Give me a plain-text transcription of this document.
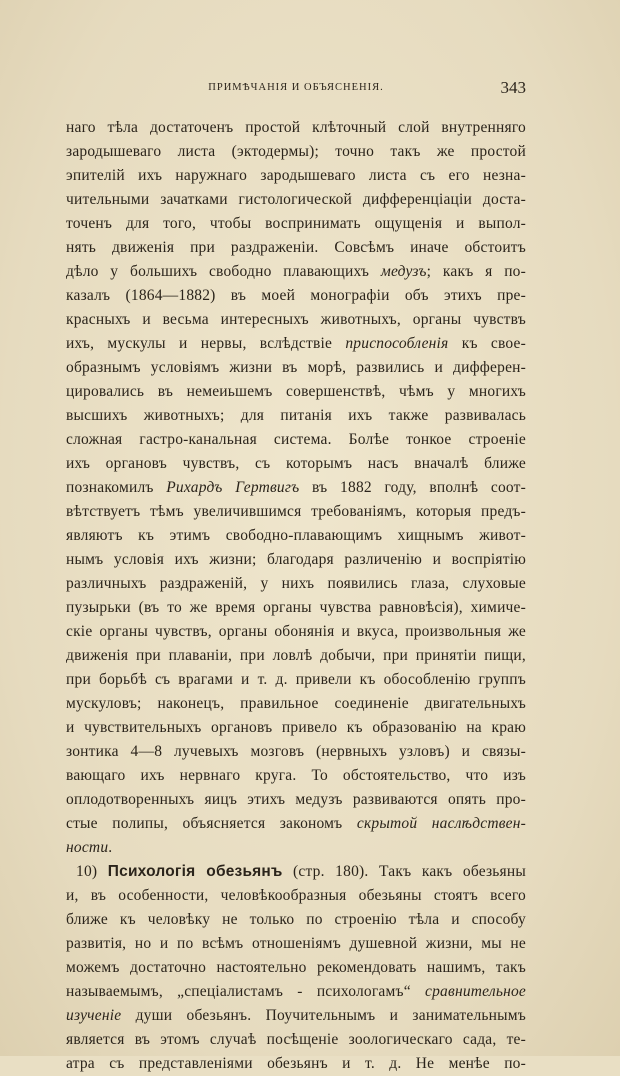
ПРИМѢЧАНІЯ И ОБЪЯСНЕНІЯ.	343
наго тѣла достаточенъ простой клѣточный слой внутренняго
зародышеваго листа (эктодермы); точно такъ же простой
эпителій ихъ наружнаго зародышеваго листа съ его незна-
чительными зачатками гистологической дифференціаціи доста-
точенъ для того, чтобы воспринимать ощущенія и выпол-
нять движенія при раздраженіи. Совсѣмъ иначе обстоитъ
дѣло у большихъ свободно плавающихъ медузъ; какъ я по-
казалъ (1864—1882) въ моей монографіи объ этихъ пре-
красныхъ и весьма интересныхъ животныхъ, органы чувствъ
ихъ, мускулы и нервы, вслѣдствіе приспособленія къ свое-
образнымъ условіямъ жизни въ морѣ, развились и дифферен-
цировались въ немеиьшемъ совершенствѣ, чѣмъ у многихъ
высшихъ животныхъ; для питанія ихъ также развивалась
сложная гастро-канальная система. Болѣе тонкое строеніе
ихъ органовъ чувствъ, съ которымъ насъ вначалѣ ближе
познакомилъ Рихардъ Гертвигъ въ 1882 году, вполнѣ соот-
вѣтствуетъ тѣмъ увеличившимся требованіямъ, которыя предъ-
являютъ къ этимъ свободно-плавающимъ хищнымъ живот-
нымъ условія ихъ жизни; благодаря различенію и воспріятію
различныхъ раздраженій, у нихъ появились глаза, слуховые
пузырьки (въ то же время органы чувства равновѣсія), химиче-
скіе органы чувствъ, органы обонянія и вкуса, произвольныя же
движенія при плаваніи, при ловлѣ добычи, при принятіи пищи,
при борьбѣ съ врагами и т. д. привели къ обособленію группъ
мускуловъ; наконецъ, правильное соединеніе двигательныхъ
и чувствительныхъ органовъ привело къ образованію на краю
зонтика 4—8 лучевыхъ мозговъ (нервныхъ узловъ) и связы-
вающаго ихъ нервнаго круга. То обстоятельство, что изъ
оплодотворенныхъ яицъ этихъ медузъ развиваются опять про-
стые полипы, объясняется закономъ скрытой наслѣдствен-
ности.
10) Психологія обезьянъ (стр. 180). Такъ какъ обезьяны
и, въ особенности, человѣкообразныя обезьяны стоятъ всего
ближе къ человѣку не только по строенію тѣла и способу
развитія, но и по всѣмъ отношеніямъ душевной жизни, мы не
можемъ достаточно настоятельно рекомендовать нашимъ, такъ
называемымъ, „спеціалистамъ - психологамъ“ сравнительное
изученіе души обезьянъ. Поучительнымъ и занимательнымъ
является въ этомъ случаѣ посѣщеніе зоологическаго сада, те-
атра съ представленіями обезьянъ и т. д. Не менѣе по-
